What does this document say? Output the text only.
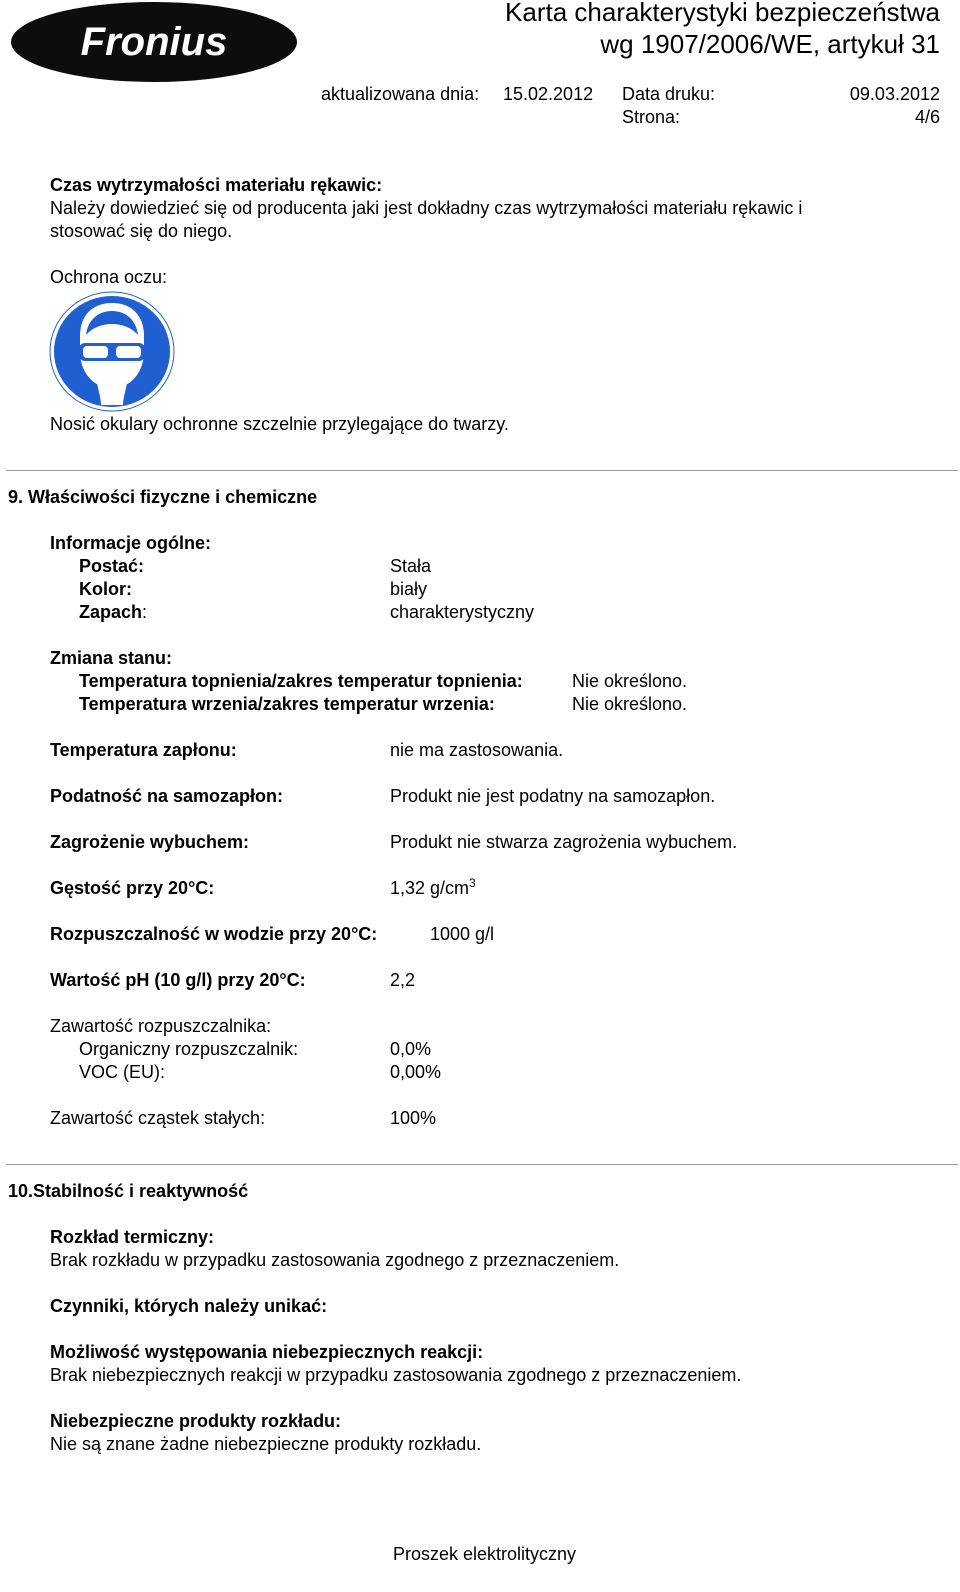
Fronius
Karta charakterystyki bezpieczeństwa
wg 1907/2006/WE, artykuł 31
aktualizowana dnia: 15.02.2012 Data druku:	09.03.2012
Strona:	4/6
Czas wytrzymałości materiału rękawic:
Należy dowiedzieć się od producenta jaki jest dokładny czas wytrzymałości materiału rękawic i
stosować się do niego.
Ochrona oczu:
Nosić okulary ochronne szczelnie przylegające do twarzy.
9. Właściwości fizyczne i chemiczne
Informacje ogólne:
Postać:	Stała
Kolor:	biały
Zapach:	charakterystyczny
Zmiana stanu:
Temperatura topnienia/zakres temperatur topnienia:	Nie określono.
Temperatura wrzenia/zakres temperatur wrzenia:	Nie określono.
Temperatura zapłonu:	nie ma zastosowania.
Podatność na samozapłon:	Produkt nie jest podatny na samozapłon.
Zagrożenie wybuchem:	Produkt nie stwarza zagrożenia wybuchem.
Gęstość przy 20°C:	1,32 $g/cm^3$
Rozpuszczalność w wodzie przy 20°C:	1000 g/l
Wartość pH (10 g/l) przy 20°C:	2,2
Zawartość rozpuszczalnika:
Organiczny rozpuszczalnik:	0,0%
VOC (EU):	0,00%
Zawartość cząstek stałych:	100%
10.Stabilność i reaktywność
Rozkład termiczny:
Brak rozkładu w przypadku zastosowania zgodnego z przeznaczeniem.
Czynniki, których należy unikać:
Możliwość występowania niebezpiecznych reakcji:
Brak niebezpiecznych reakcji w przypadku zastosowania zgodnego z przeznaczeniem.
Niebezpieczne produkty rozkładu:
Nie są znane żadne niebezpieczne produkty rozkładu.
Proszek elektrolityczny
